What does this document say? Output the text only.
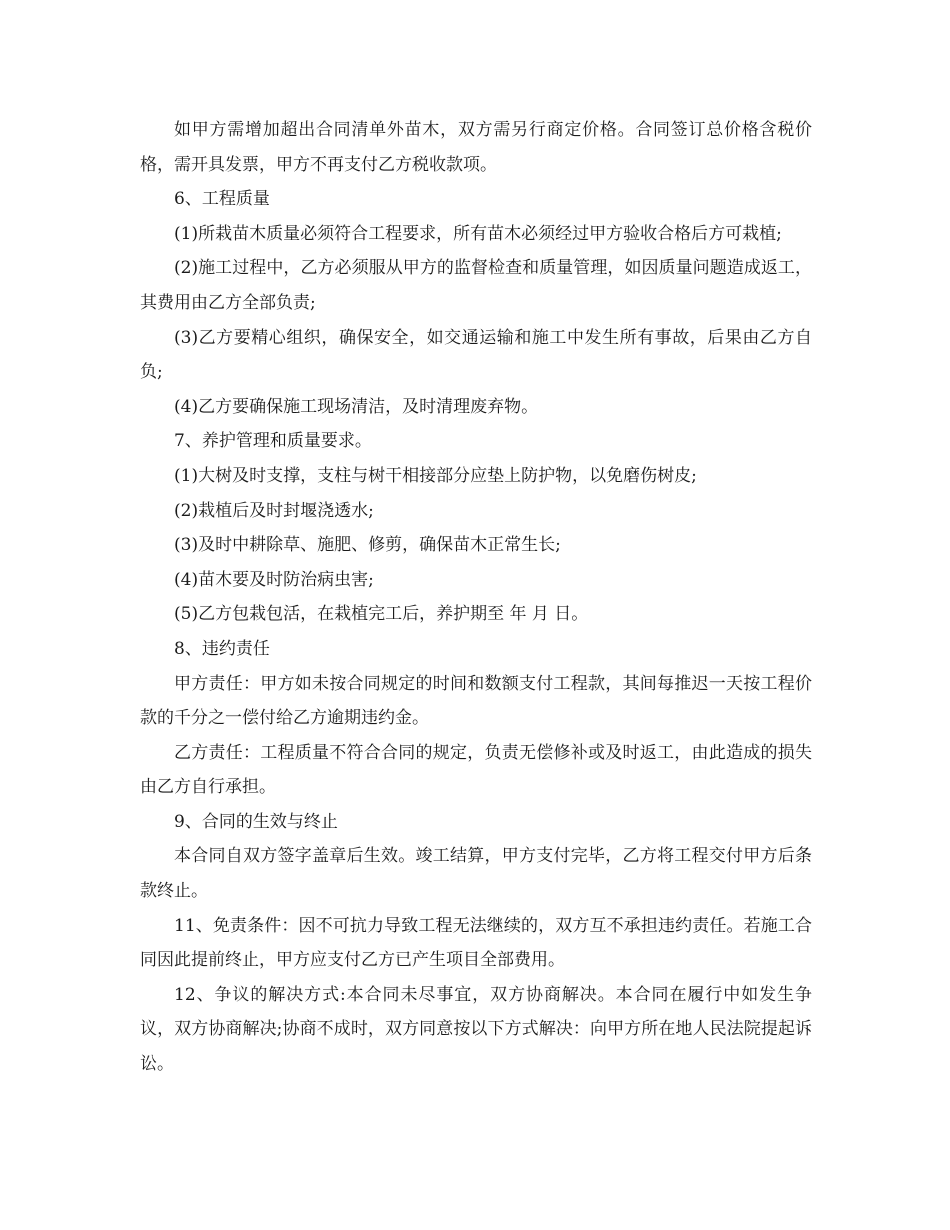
如甲方需增加超出合同清单外苗木，双方需另行商定价格。合同签订总价格含税价格，需开具发票，甲方不再支付乙方税收款项。

6、工程质量

(1)所栽苗木质量必须符合工程要求，所有苗木必须经过甲方验收合格后方可栽植;

(2)施工过程中，乙方必须服从甲方的监督检查和质量管理，如因质量问题造成返工，其费用由乙方全部负责;

(3)乙方要精心组织，确保安全，如交通运输和施工中发生所有事故，后果由乙方自负;

(4)乙方要确保施工现场清洁，及时清理废弃物。

7、养护管理和质量要求。

(1)大树及时支撑，支柱与树干相接部分应垫上防护物，以免磨伤树皮;

(2)栽植后及时封堰浇透水;

(3)及时中耕除草、施肥、修剪，确保苗木正常生长;

(4)苗木要及时防治病虫害;

(5)乙方包栽包活，在栽植完工后，养护期至 年 月 日。

8、违约责任

甲方责任：甲方如未按合同规定的时间和数额支付工程款，其间每推迟一天按工程价款的千分之一偿付给乙方逾期违约金。

乙方责任：工程质量不符合合同的规定，负责无偿修补或及时返工，由此造成的损失由乙方自行承担。

9、合同的生效与终止

本合同自双方签字盖章后生效。竣工结算，甲方支付完毕，乙方将工程交付甲方后条款终止。

11、免责条件：因不可抗力导致工程无法继续的，双方互不承担违约责任。若施工合同因此提前终止，甲方应支付乙方已产生项目全部费用。

12、争议的解决方式:本合同未尽事宜，双方协商解决。本合同在履行中如发生争议，双方协商解决;协商不成时，双方同意按以下方式解决：向甲方所在地人民法院提起诉讼。
